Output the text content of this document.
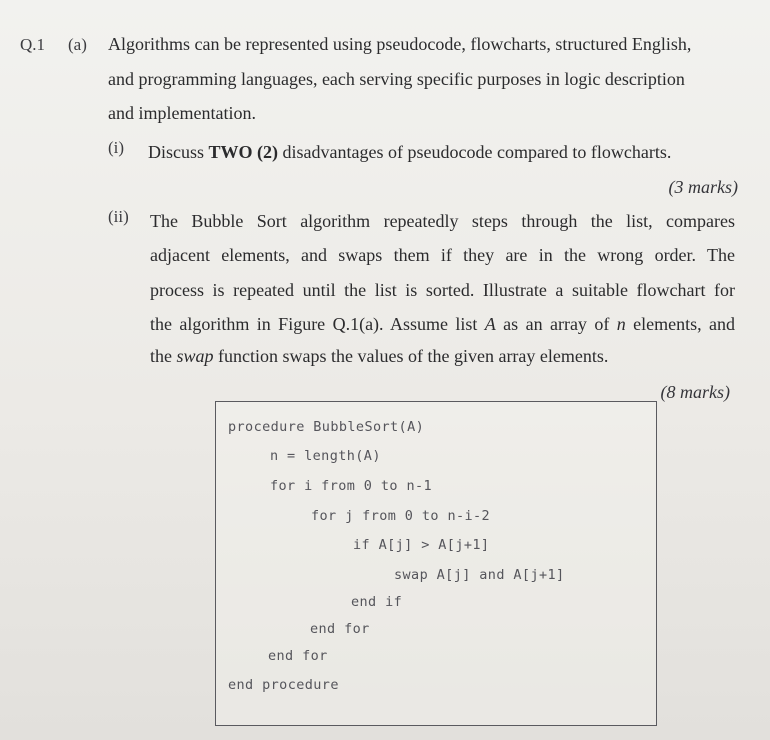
Q.1 (a) Algorithms can be represented using pseudocode, flowcharts, structured English,
and programming languages, each serving specific purposes in logic description
and implementation.
(i) Discuss TWO (2) disadvantages of pseudocode compared to flowcharts.
(3 marks)
(ii) The Bubble Sort algorithm repeatedly steps through the list, compares
adjacent elements, and swaps them if they are in the wrong order. The
process is repeated until the list is sorted. Illustrate a suitable flowchart for
the algorithm in Figure Q.1(a). Assume list A as an array of n elements, and
the swap function swaps the values of the given array elements.
(8 marks)
procedure BubbleSort(A)
n = length(A)
for i from 0 to n-1
for j from 0 to n-i-2
if A[j] > A[j+1]
swap A[j] and A[j+1]
end if
end for
end for
end procedure
